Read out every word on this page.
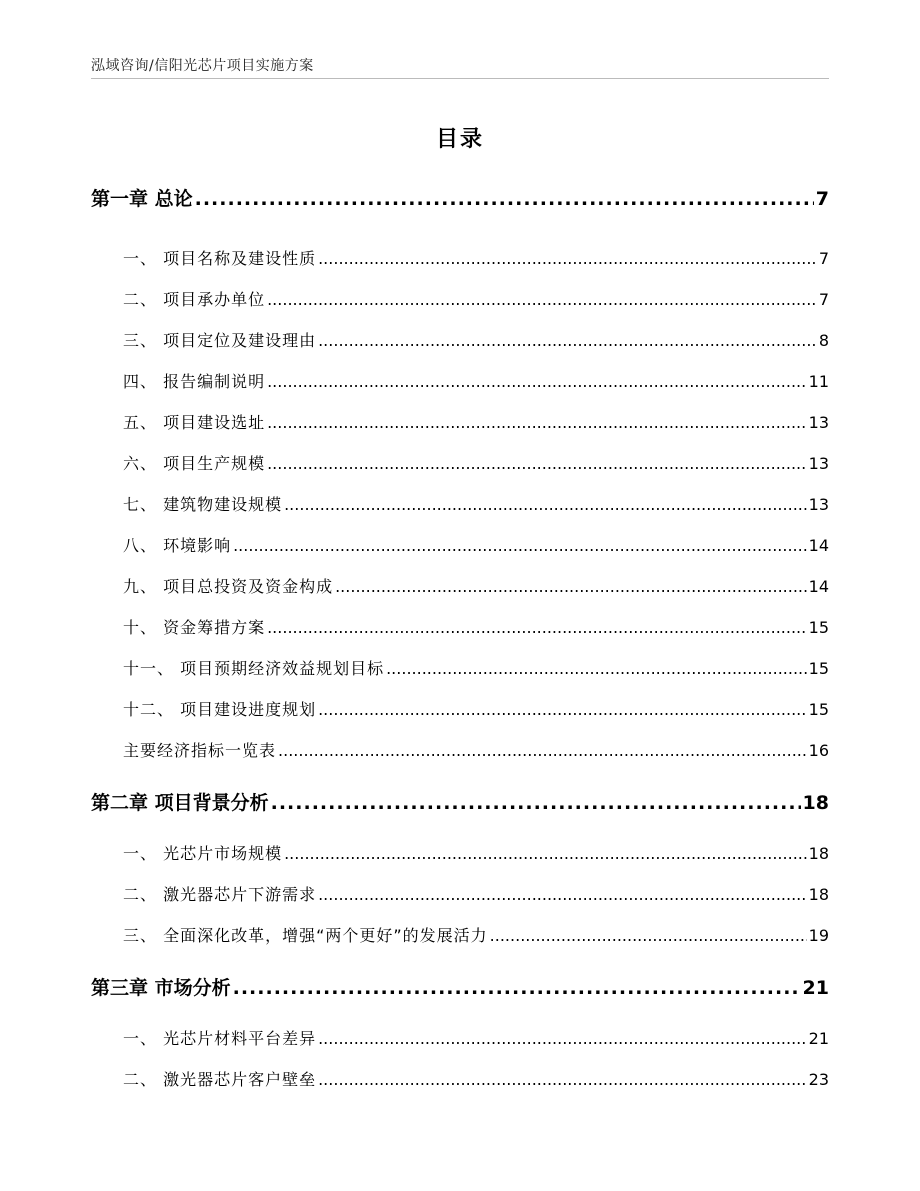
泓域咨询/信阳光芯片项目实施方案
目录
第一章 总论 .....	7
一、 项目名称及建设性质 .....	7
二、 项目承办单位 .....	7
三、 项目定位及建设理由 .....	8
四、 报告编制说明 .....	11
五、 项目建设选址 .....	13
六、 项目生产规模 .....	13
七、 建筑物建设规模 .....	13
八、 环境影响 .....	14
九、 项目总投资及资金构成 .....	14
十、 资金筹措方案 .....	15
十一、 项目预期经济效益规划目标 .....	15
十二、 项目建设进度规划 .....	15
主要经济指标一览表 .....	16
第二章 项目背景分析 .....	18
一、 光芯片市场规模 .....	18
二、 激光器芯片下游需求 .....	18
三、 全面深化改革，增强“两个更好”的发展活力 .....	19
第三章 市场分析 .....	21
一、 光芯片材料平台差异 .....	21
二、 激光器芯片客户壁垒 .....	23
